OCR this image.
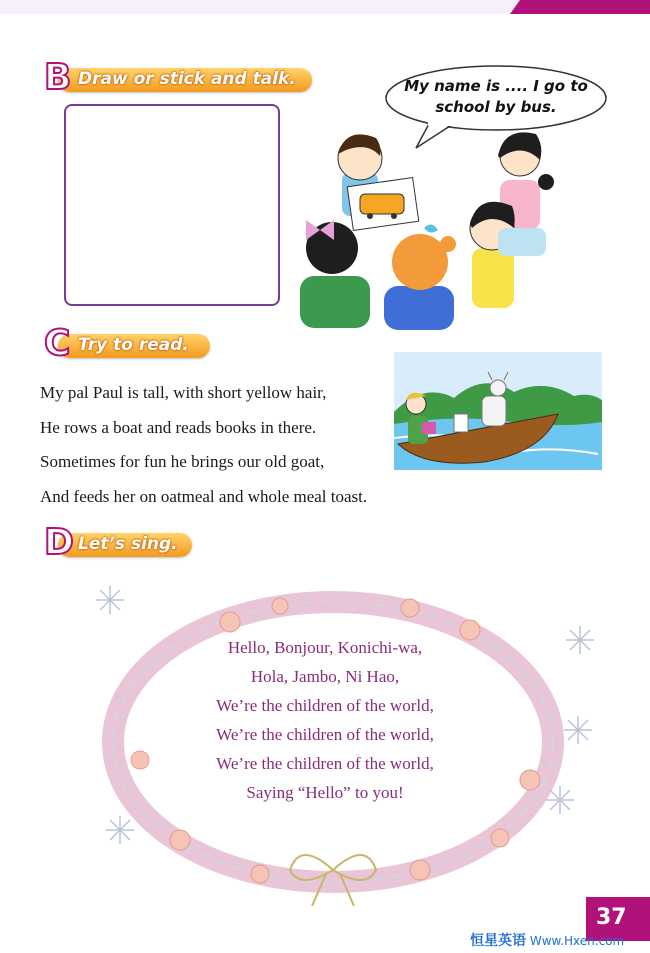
B Draw or stick and talk.	My name is .... I go to
school by bus.
C Try to read.
My pal Paul is tall, with short yellow hair,
He rows a boat and reads books in there.
Sometimes for fun he brings our old goat,
And feeds her on oatmeal and whole meal toast.
D Let’s sing.
Hello, Bonjour, Konichi-wa,
Hola, Jambo, Ni Hao,
We’re the children of the world,
We’re the children of the world,
We’re the children of the world,
Saying “Hello” to you!
37
恒星英语 Www.Hxen.com
